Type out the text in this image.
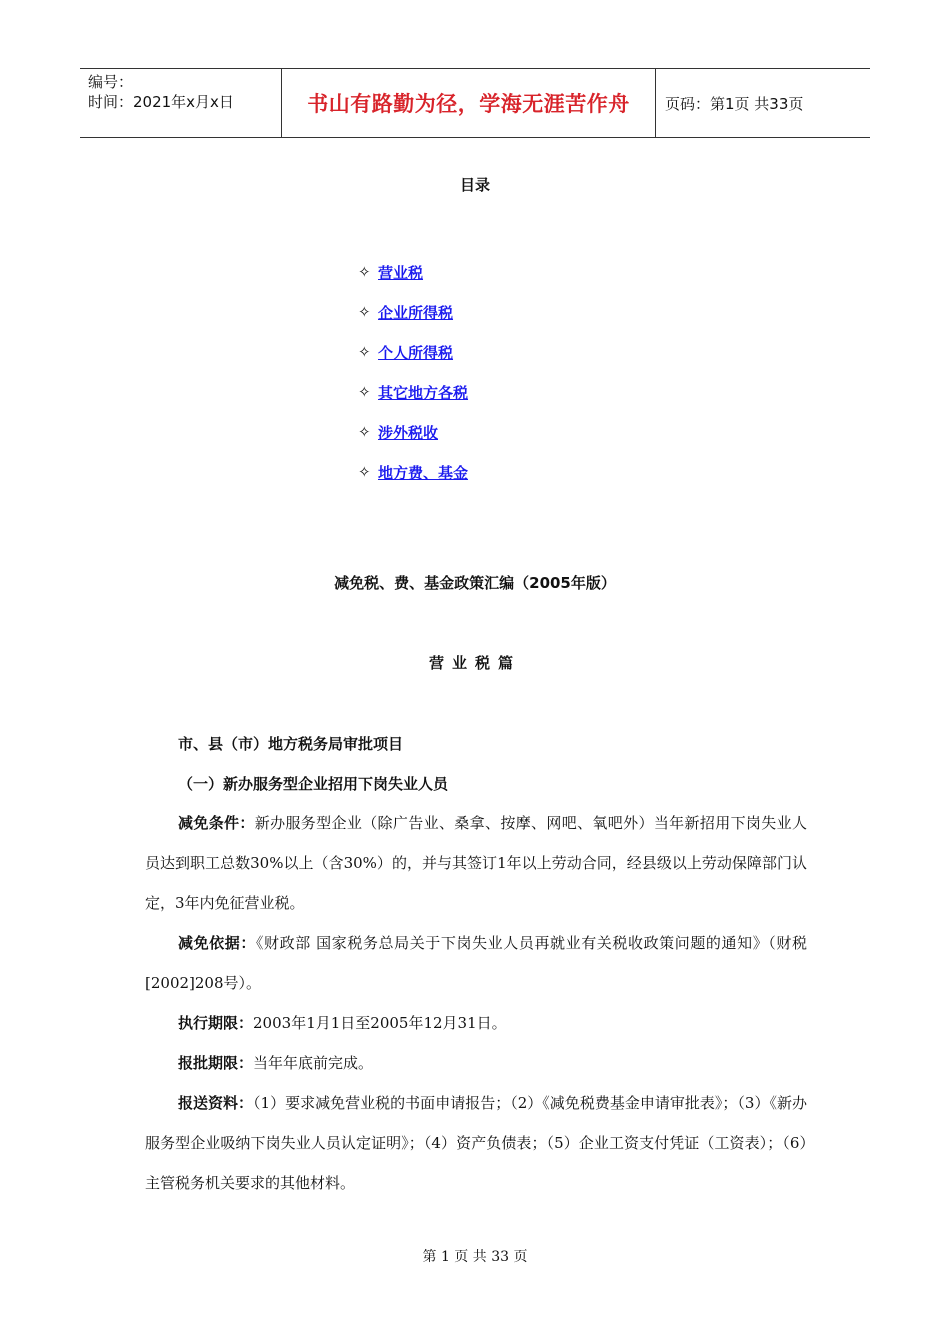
编号：
时间：2021年x月x日	书山有路勤为径，学海无涯苦作舟	页码：第1页 共33页
目录
✧ 营业税
✧ 企业所得税
✧ 个人所得税
✧ 其它地方各税
✧ 涉外税收
✧ 地方费、基金
减免税、费、基金政策汇编（2005年版）
营业税篇
市、县（市）地方税务局审批项目
（一）新办服务型企业招用下岗失业人员
减免条件：新办服务型企业（除广告业、桑拿、按摩、网吧、氧吧外）当年新招用下岗失业人员达到职工总数30%以上（含30%）的，并与其签订1年以上劳动合同，经县级以上劳动保障部门认定，3年内免征营业税。
减免依据：《财政部 国家税务总局关于下岗失业人员再就业有关税收政策问题的通知》（财税[2002]208号）。
执行期限：2003年1月1日至2005年12月31日。
报批期限：当年年底前完成。
报送资料：（1）要求减免营业税的书面申请报告；（2）《减免税费基金申请审批表》；（3）《新办服务型企业吸纳下岗失业人员认定证明》；（4）资产负债表；（5）企业工资支付凭证（工资表）；（6）主管税务机关要求的其他材料。
第 1 页 共 33 页
